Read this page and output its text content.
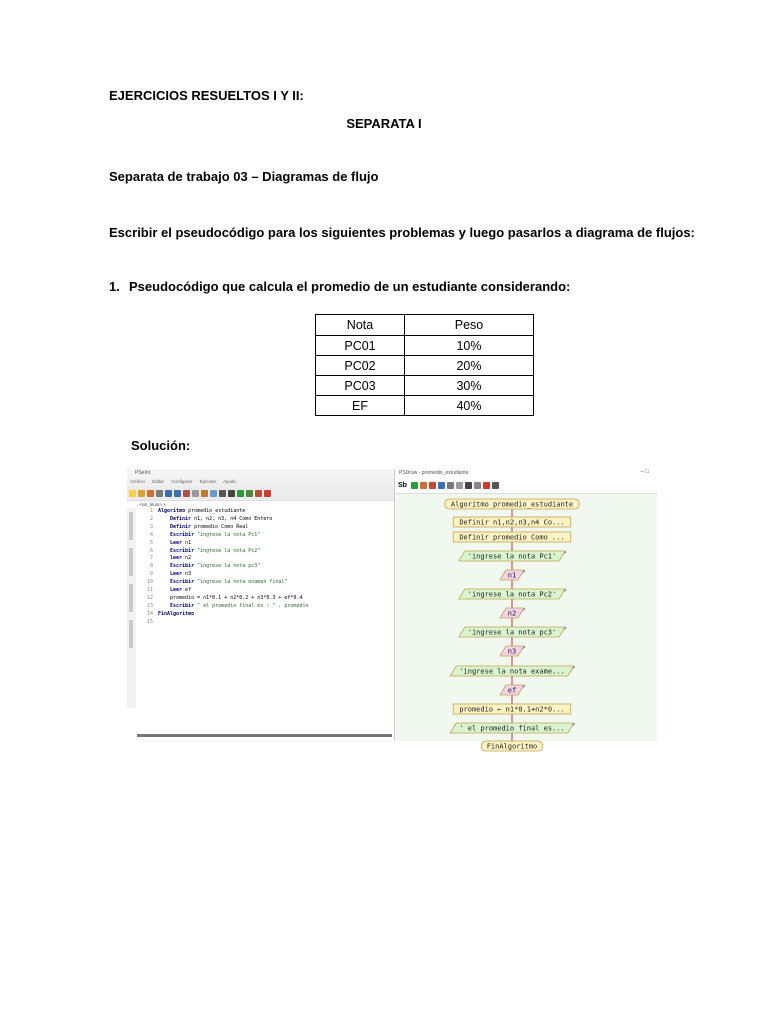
EJERCICIOS RESUELTOS I Y II:
SEPARATA I
Separata de trabajo 03 – Diagramas de flujo
Escribir el pseudocódigo para los siguientes problemas y luego pasarlos a diagrama de flujos:
1. Pseudocódigo que calcula el promedio de un estudiante considerando:
Nota	Peso
PC01	10%
PC02	20%
PC03	30%
EF	40%
Solución:
PSeInt
Archivo Editar Configurar Ejecutar Ayuda
<sin_titulo> ×
1 Algoritmo promedio_estudiante
2	Definir n1, n2, n3, n4 Como Entero
3	Definir promedio Como Real
4	Escribir "ingrese la nota Pc1"
5	Leer n1
6	Escribir "ingrese la nota Pc2"
7	leer n2
8	Escribir "ingrese la nota pc3"
9	Leer n3
10	Escribir "ingrese la nota examen final"
11	Leer ef
12	promedio = n1*0.1 + n2*0.2 + n3*0.3 + ef*0.4
13	Escribir " el promedio final es : " , promedio
14 FinAlgoritmo
15
PSDraw - promedio_estudiante	– □
Sb
Algoritmo promedio_estudiante
Definir n1,n2,n3,n4 Co...
Definir promedio Como ...
↗
'ingrese la nota Pc1'
↗
n1
↗
'ingrese la nota Pc2'
↗
n2
↗
'ingrese la nota pc3'
↗
n3
↗
'ingrese la nota exame...
↗
ef
promedio ← n1*0.1+n2*0...
↗
' el promedio final es...
FinAlgoritmo
